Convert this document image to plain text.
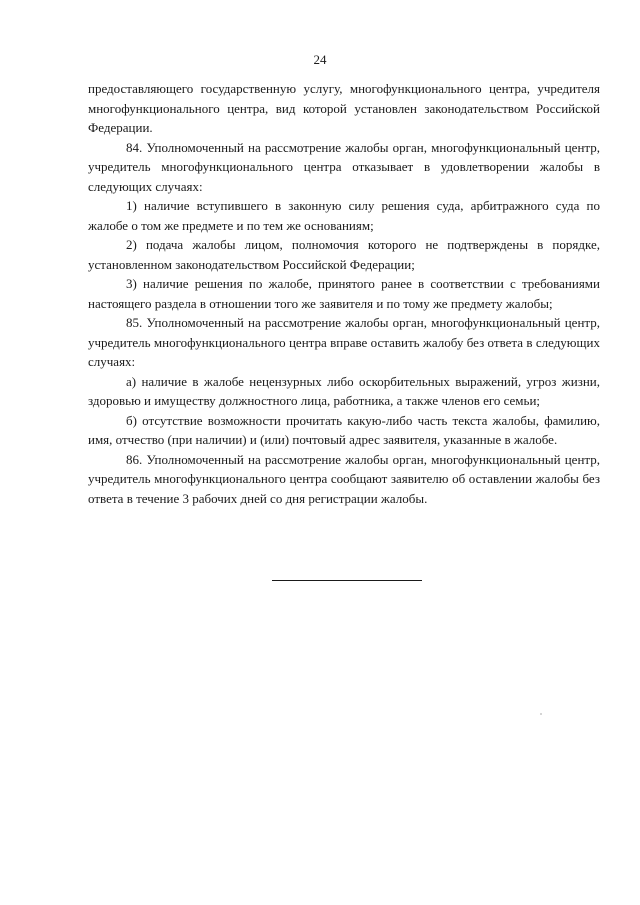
24

предоставляющего государственную услугу, многофункционального центра, учредителя многофункционального центра, вид которой установлен законодательством Российской Федерации.

84. Уполномоченный на рассмотрение жалобы орган, многофункциональный центр, учредитель многофункционального центра отказывает в удовлетворении жалобы в следующих случаях:

1) наличие вступившего в законную силу решения суда, арбитражного суда по жалобе о том же предмете и по тем же основаниям;

2) подача жалобы лицом, полномочия которого не подтверждены в порядке, установленном законодательством Российской Федерации;

3) наличие решения по жалобе, принятого ранее в соответствии с требованиями настоящего раздела в отношении того же заявителя и по тому же предмету жалобы;

85. Уполномоченный на рассмотрение жалобы орган, многофункциональный центр, учредитель многофункционального центра вправе оставить жалобу без ответа в следующих случаях:

а) наличие в жалобе нецензурных либо оскорбительных выражений, угроз жизни, здоровью и имуществу должностного лица, работника, а также членов его семьи;

б) отсутствие возможности прочитать какую-либо часть текста жалобы, фамилию, имя, отчество (при наличии) и (или) почтовый адрес заявителя, указанные в жалобе.

86. Уполномоченный на рассмотрение жалобы орган, многофункциональный центр, учредитель многофункционального центра сообщают заявителю об оставлении жалобы без ответа в течение 3 рабочих дней со дня регистрации жалобы.
